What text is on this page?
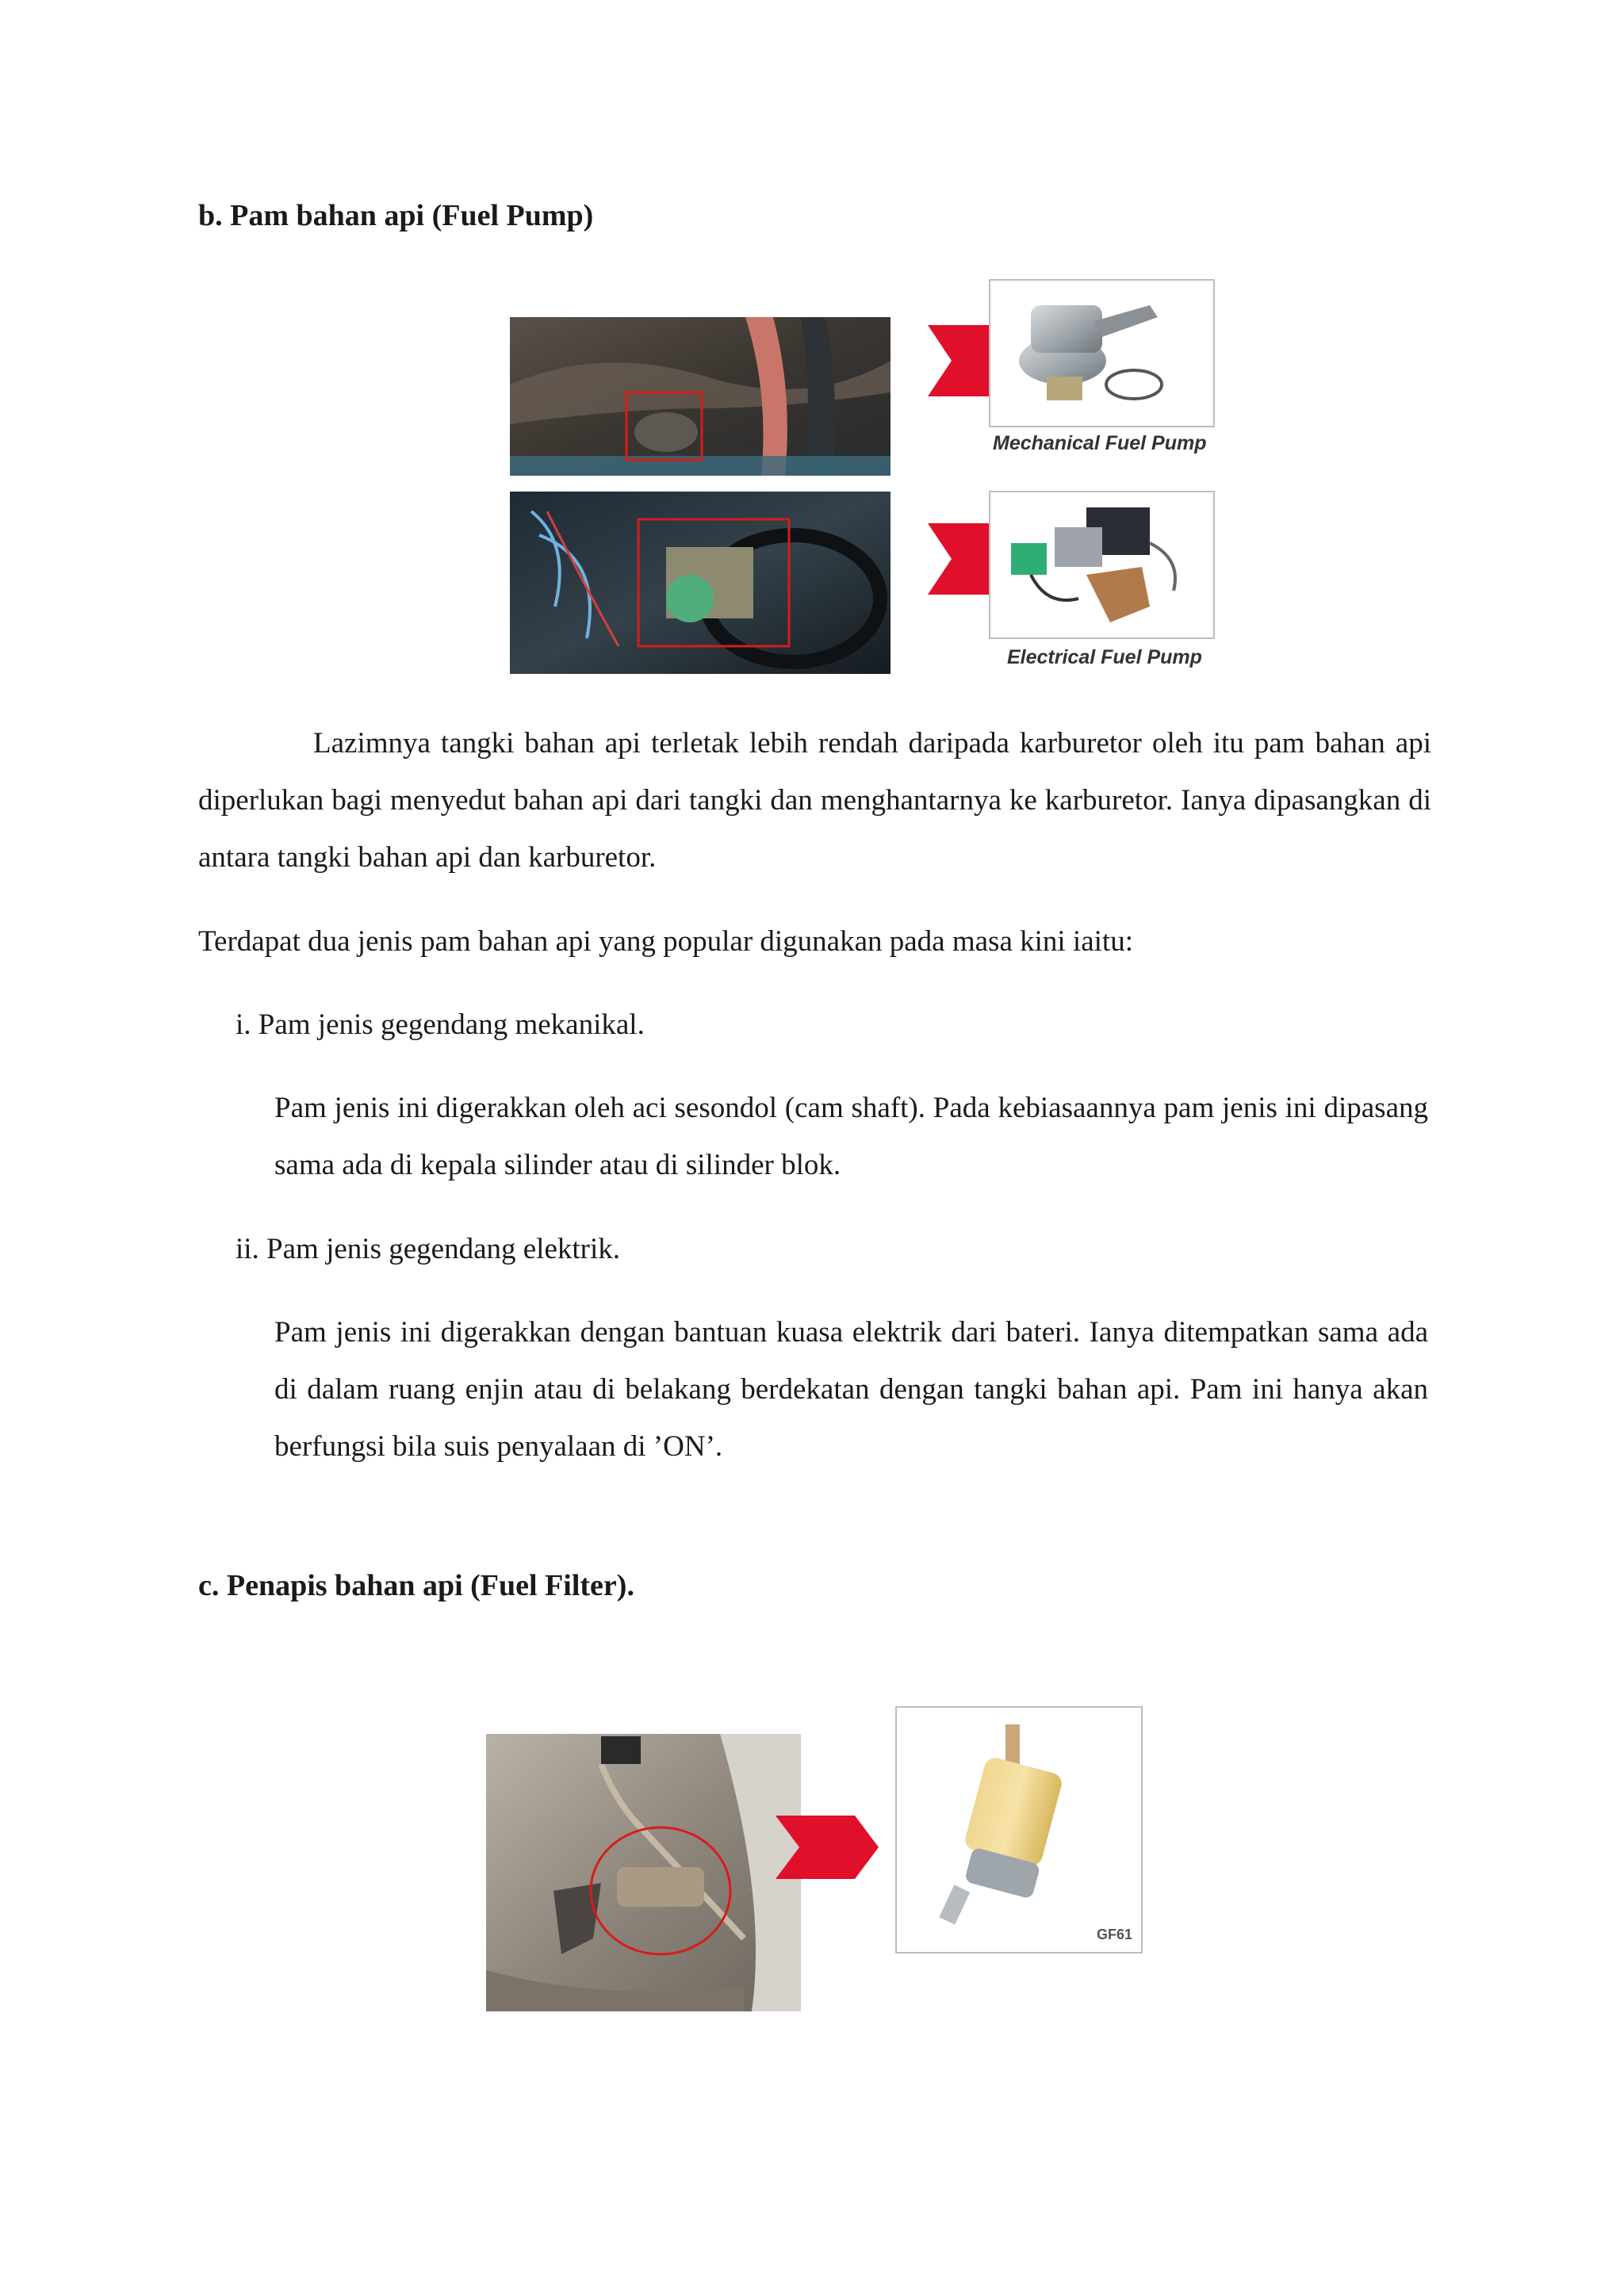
b. Pam bahan api (Fuel Pump)
Mechanical Fuel Pump
Electrical Fuel Pump

Lazimnya tangki bahan api terletak lebih rendah daripada karburetor oleh itu pam bahan api diperlukan bagi menyedut bahan api dari tangki dan menghantarnya ke karburetor. Ianya dipasangkan di antara tangki bahan api dan karburetor.

Terdapat dua jenis pam bahan api yang popular digunakan pada masa kini iaitu:
i. Pam jenis gegendang mekanikal.

Pam jenis ini digerakkan oleh aci sesondol (cam shaft). Pada kebiasaannya pam jenis ini dipasang sama ada di kepala silinder atau di silinder blok.

ii. Pam jenis gegendang elektrik.

Pam jenis ini digerakkan dengan bantuan kuasa elektrik dari bateri. Ianya ditempatkan sama ada di dalam ruang enjin atau di belakang berdekatan dengan tangki bahan api. Pam ini hanya akan berfungsi bila suis penyalaan di ’ON’.

c. Penapis bahan api (Fuel Filter).
GF61
